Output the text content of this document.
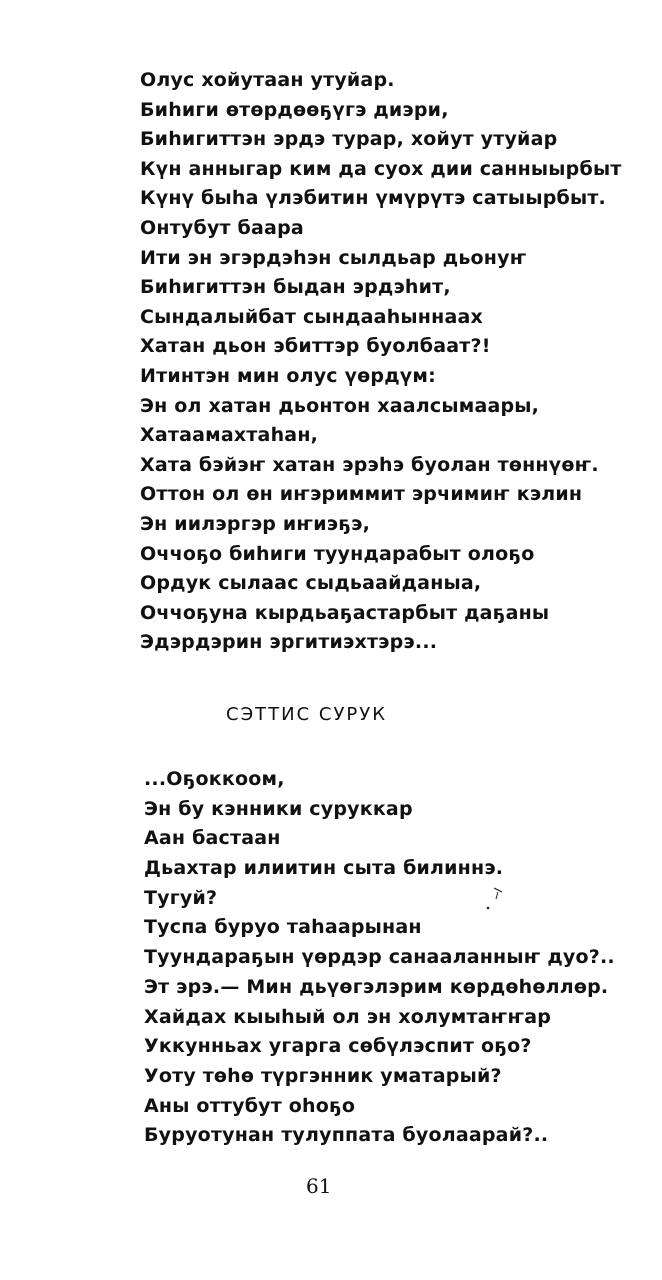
Олус хойутаан утуйар.
Биһиги өтөрдөөҕүгэ диэри,
Биһигиттэн эрдэ турар, хойут утуйар
Күн анныгар ким да суох дии санныырбыт
Күнү быһа үлэбитин үмүрүтэ сатыырбыт.
Онтубут баара
Ити эн эгэрдэһэн сылдьар дьонуҥ
Биһигиттэн быдан эрдэһит,
Сындалыйбат сындааһыннаах
Хатан дьон эбиттэр буолбаат?!
Итинтэн мин олус үөрдүм:
Эн ол хатан дьонтон хаалсымаары,
Хатаамахтаһан,
Хата бэйэҥ хатан эрэһэ буолан төннүөҥ.
Оттон ол өн иҥэриммит эрчимиҥ кэлин
Эн иилэргэр иҥиэҕэ,
Оччоҕо биһиги туундарабыт олоҕо
Ордук сылаас сыдьаайданыа,
Оччоҕуна кырдьаҕастарбыт даҕаны
Эдэрдэрин эргитиэхтэрэ...
СЭТТИС СУРУК
...Оҕоккоом,
Эн бу кэнники суруккар
Аан бастаан
Дьахтар илиитин сыта билиннэ.
Тугуй?
Туспа буруо таһаарынан
Туундараҕын үөрдэр санааланныҥ дуо?..
Эт эрэ.— Мин дьүөгэлэрим көрдөһөллөр.
Хайдах кыыһый ол эн холумтаҥҥар
Уккунньах угарга сөбүлэспит оҕо?
Уоту төһө түргэнник уматарый?
Аны оттубут оһоҕо
Буруотунан тулуппата буолаарай?..
61
